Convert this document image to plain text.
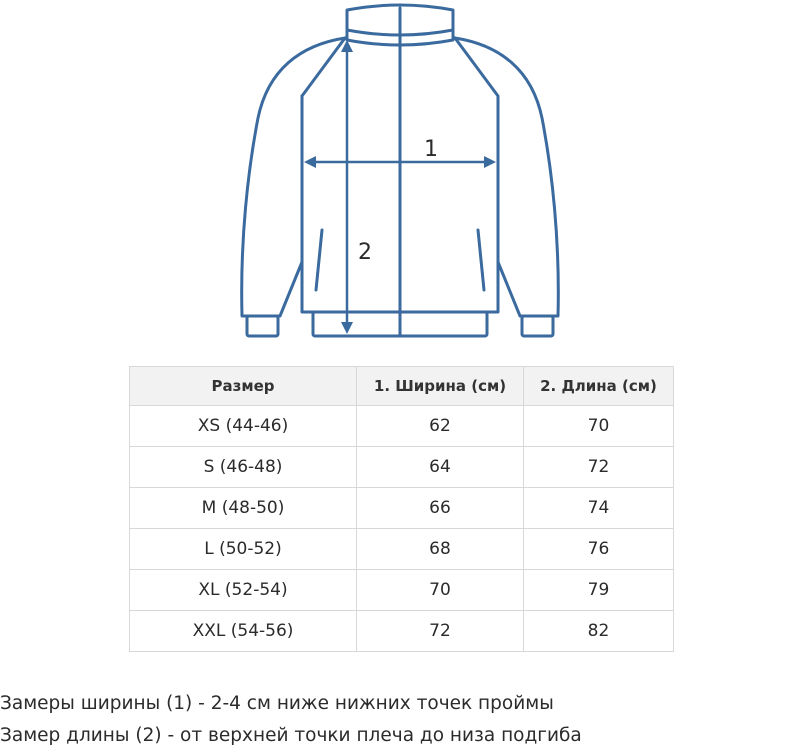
1
2
Размер	1. Ширина (см)	2. Длина (см)
XS (44-46)	62	70
S (46-48)	64	72
M (48-50)	66	74
L (50-52)	68	76
XL (52-54)	70	79
XXL (54-56)	72	82
Замеры ширины (1) - 2-4 см ниже нижних точек проймы
Замер длины (2) - от верхней точки плеча до низа подгиба
